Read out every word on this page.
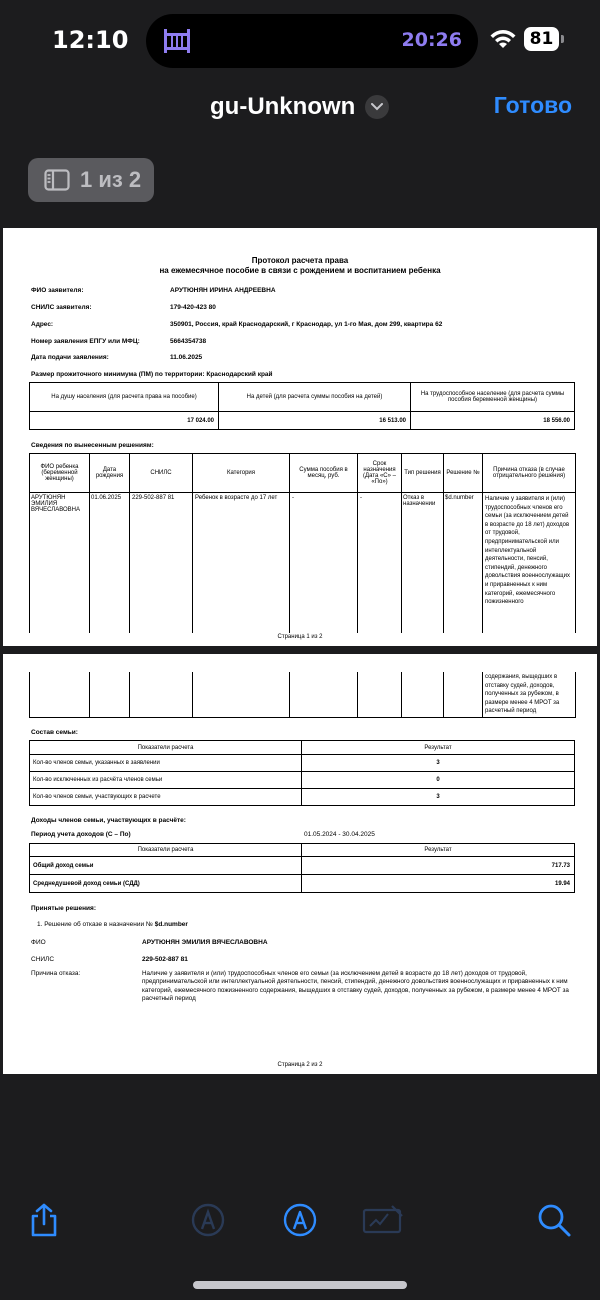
12:10	20:26	81
gu-Unknown	Готово
1 из 2
Протокол расчета права
на ежемесячное пособие в связи с рождением и воспитанием ребенка
ФИО заявителя:	АРУТЮНЯН ИРИНА АНДРЕЕВНА
СНИЛС заявителя:	179-420-423 80
Адрес:	350901, Россия, край Краснодарский, г Краснодар, ул 1-го Мая, дом 299, квартира 62
Номер заявления ЕПГУ или МФЦ:	5664354738
Дата подачи заявления:	11.06.2025
Размер прожиточного минимума (ПМ) по территории: Краснодарский край
На душу населения (для расчета права на пособие)	На детей (для расчета суммы пособия на детей)	На трудоспособное население (для расчета суммы пособия беременной женщины)
17 024.00	16 513.00	18 556.00
Сведения по вынесенным решениям:
ФИО ребенка (беременной женщины)	Дата рождения	СНИЛС	Категория	Сумма пособия в месяц, руб.	Срок назначения (Дата «С» – «По»)	Тип решения	Решение №	Причина отказа (в случае отрицательного решения)
АРУТЮНЯН ЭМИЛИЯ ВЯЧЕСЛАВОВНА	01.06.2025	229-502-887 81	Ребенок в возрасте до 17 лет	-	-	Отказ в назначении	$d.number	Наличие у заявителя и (или) трудоспособных членов его семьи (за исключением детей в возрасте до 18 лет) доходов от трудовой, предпринимательской или интеллектуальной деятельности, пенсий, стипендий, денежного довольствия военнослужащих и приравненных к ним категорий, ежемесячного пожизненного
Страница 1 из 2
								содержания, выщедших в отставку судей, доходов, полученных за рубежом, в размере менее 4 МРОТ за расчетный период
Состав семьи:
Показатели расчета	Результат
Кол-во членов семьи, указанных в заявлении	3
Кол-во исключенных из расчёта членов семьи	0
Кол-во членов семьи, участвующих в расчете	3
Доходы членов семьи, участвующих в расчёте:
Период учета доходов (С – По)	01.05.2024 - 30.04.2025
Показатели расчета	Результат
Общий доход семьи	717.73
Среднедушевой доход семьи (СДД)	19.94
Принятые решения:
1. Решение об отказе в назначении № $d.number
ФИО	АРУТЮНЯН ЭМИЛИЯ ВЯЧЕСЛАВОВНА
СНИЛС	229-502-887 81
Причина отказа:	Наличие у заявителя и (или) трудоспособных членов его семьи (за исключением детей в возрасте до 18 лет) доходов от трудовой, предпринимательской или интеллектуальной деятельности, пенсий, стипендий, денежного довольствия военнослужащих и приравненных к ним категорий, ежемесячного пожизненного содержания, выщедших в отставку судей, доходов, полученных за рубежом, в размере менее 4 МРОТ за расчетный период
Страница 2 из 2
